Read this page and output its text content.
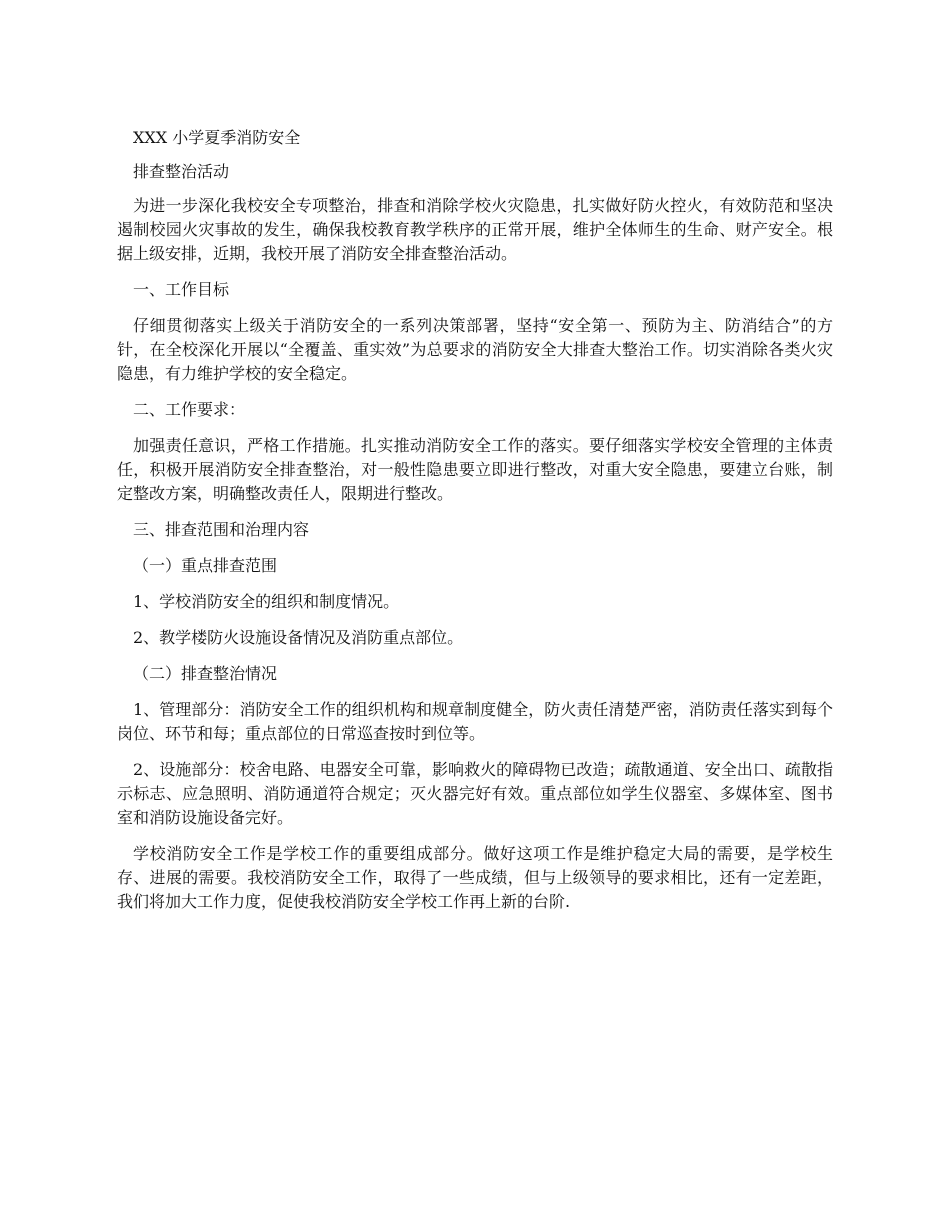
XXX 小学夏季消防安全

排查整治活动

为进一步深化我校安全专项整治，排查和消除学校火灾隐患，扎实做好防火控火，有效防范和坚决遏制校园火灾事故的发生，确保我校教育教学秩序的正常开展，维护全体师生的生命、财产安全。根据上级安排，近期，我校开展了消防安全排查整治活动。

一、工作目标

仔细贯彻落实上级关于消防安全的一系列决策部署，坚持“安全第一、预防为主、防消结合”的方针，在全校深化开展以“全覆盖、重实效”为总要求的消防安全大排查大整治工作。切实消除各类火灾隐患，有力维护学校的安全稳定。

二、工作要求：

加强责任意识，严格工作措施。扎实推动消防安全工作的落实。要仔细落实学校安全管理的主体责任，积极开展消防安全排查整治，对一般性隐患要立即进行整改，对重大安全隐患，要建立台账，制定整改方案，明确整改责任人，限期进行整改。

三、排查范围和治理内容

（一）重点排查范围

1、学校消防安全的组织和制度情况。

2、教学楼防火设施设备情况及消防重点部位。

（二）排查整治情况

1、管理部分：消防安全工作的组织机构和规章制度健全，防火责任清楚严密，消防责任落实到每个岗位、环节和每；重点部位的日常巡查按时到位等。

2、设施部分：校舍电路、电器安全可靠，影响救火的障碍物已改造；疏散通道、安全出口、疏散指示标志、应急照明、消防通道符合规定；灭火器完好有效。重点部位如学生仪器室、多媒体室、图书室和消防设施设备完好。

学校消防安全工作是学校工作的重要组成部分。做好这项工作是维护稳定大局的需要，是学校生存、进展的需要。我校消防安全工作，取得了一些成绩，但与上级领导的要求相比，还有一定差距，我们将加大工作力度，促使我校消防安全学校工作再上新的台阶.
